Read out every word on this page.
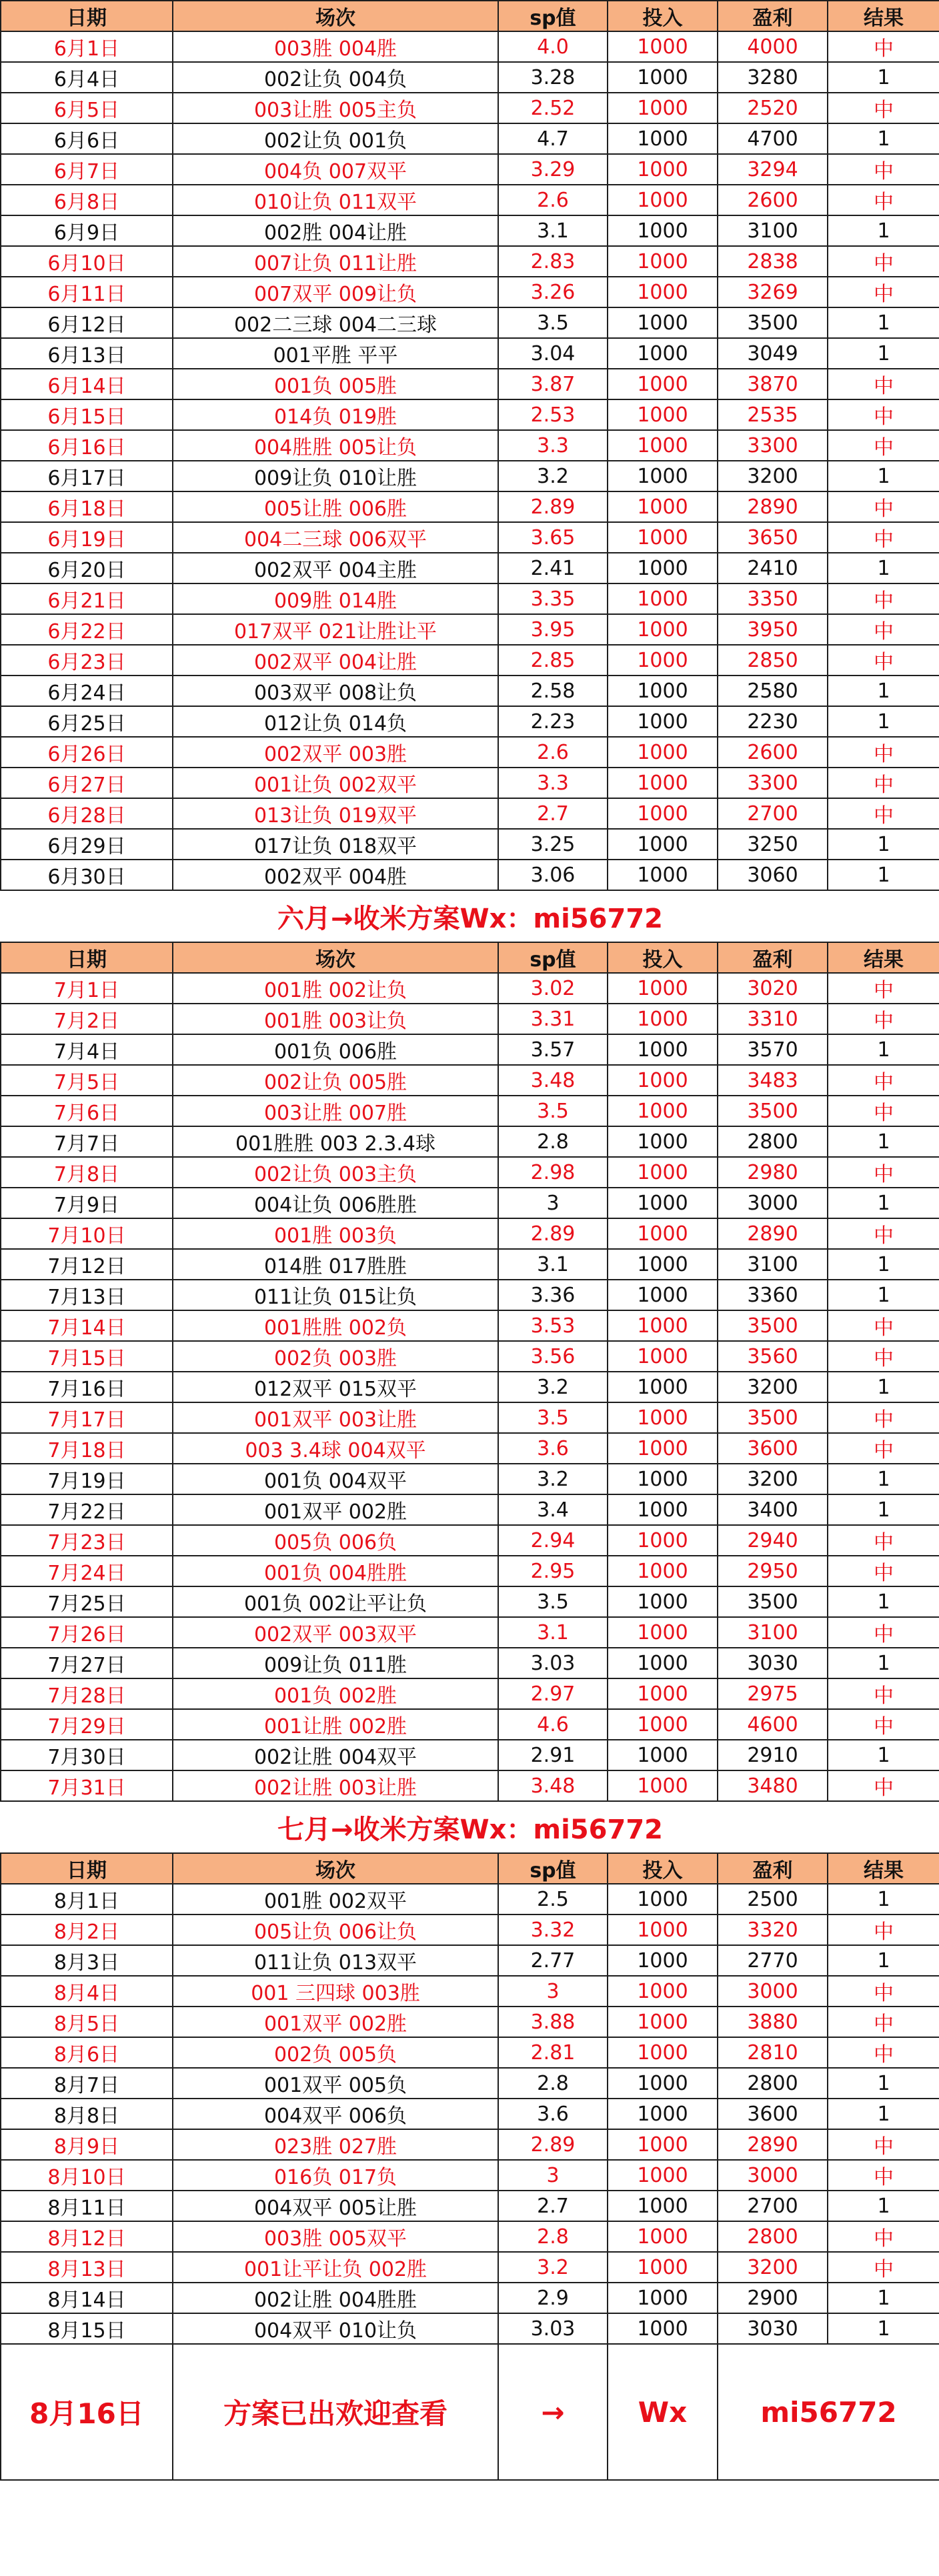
日期	场次	sp值	投入	盈利	结果
6月1日	003胜 004胜	4.0	1000	4000	中
6月4日	002让负 004负	3.28	1000	3280	1
6月5日	003让胜 005主负	2.52	1000	2520	中
6月6日	002让负 001负	4.7	1000	4700	1
6月7日	004负 007双平	3.29	1000	3294	中
6月8日	010让负 011双平	2.6	1000	2600	中
6月9日	002胜 004让胜	3.1	1000	3100	1
6月10日	007让负 011让胜	2.83	1000	2838	中
6月11日	007双平 009让负	3.26	1000	3269	中
6月12日	002二三球 004二三球	3.5	1000	3500	1
6月13日	001平胜 平平	3.04	1000	3049	1
6月14日	001负 005胜	3.87	1000	3870	中
6月15日	014负 019胜	2.53	1000	2535	中
6月16日	004胜胜 005让负	3.3	1000	3300	中
6月17日	009让负 010让胜	3.2	1000	3200	1
6月18日	005让胜 006胜	2.89	1000	2890	中
6月19日	004二三球 006双平	3.65	1000	3650	中
6月20日	002双平 004主胜	2.41	1000	2410	1
6月21日	009胜 014胜	3.35	1000	3350	中
6月22日	017双平 021让胜让平	3.95	1000	3950	中
6月23日	002双平 004让胜	2.85	1000	2850	中
6月24日	003双平 008让负	2.58	1000	2580	1
6月25日	012让负 014负	2.23	1000	2230	1
6月26日	002双平 003胜	2.6	1000	2600	中
6月27日	001让负 002双平	3.3	1000	3300	中
6月28日	013让负 019双平	2.7	1000	2700	中
6月29日	017让负 018双平	3.25	1000	3250	1
6月30日	002双平 004胜	3.06	1000	3060	1
六月→收米方案Wx：mi56772					
日期	场次	sp值	投入	盈利	结果
7月1日	001胜 002让负	3.02	1000	3020	中
7月2日	001胜 003让负	3.31	1000	3310	中
7月4日	001负 006胜	3.57	1000	3570	1
7月5日	002让负 005胜	3.48	1000	3483	中
7月6日	003让胜 007胜	3.5	1000	3500	中
7月7日	001胜胜 003 2.3.4球	2.8	1000	2800	1
7月8日	002让负 003主负	2.98	1000	2980	中
7月9日	004让负 006胜胜	3	1000	3000	1
7月10日	001胜 003负	2.89	1000	2890	中
7月12日	014胜 017胜胜	3.1	1000	3100	1
7月13日	011让负 015让负	3.36	1000	3360	1
7月14日	001胜胜 002负	3.53	1000	3500	中
7月15日	002负 003胜	3.56	1000	3560	中
7月16日	012双平 015双平	3.2	1000	3200	1
7月17日	001双平 003让胜	3.5	1000	3500	中
7月18日	003 3.4球 004双平	3.6	1000	3600	中
7月19日	001负 004双平	3.2	1000	3200	1
7月22日	001双平 002胜	3.4	1000	3400	1
7月23日	005负 006负	2.94	1000	2940	中
7月24日	001负 004胜胜	2.95	1000	2950	中
7月25日	001负 002让平让负	3.5	1000	3500	1
7月26日	002双平 003双平	3.1	1000	3100	中
7月27日	009让负 011胜	3.03	1000	3030	1
7月28日	001负 002胜	2.97	1000	2975	中
7月29日	001让胜 002胜	4.6	1000	4600	中
7月30日	002让胜 004双平	2.91	1000	2910	1
7月31日	002让胜 003让胜	3.48	1000	3480	中
七月→收米方案Wx：mi56772					
日期	场次	sp值	投入	盈利	结果
8月1日	001胜 002双平	2.5	1000	2500	1
8月2日	005让负 006让负	3.32	1000	3320	中
8月3日	011让负 013双平	2.77	1000	2770	1
8月4日	001 三四球 003胜	3	1000	3000	中
8月5日	001双平 002胜	3.88	1000	3880	中
8月6日	002负 005负	2.81	1000	2810	中
8月7日	001双平 005负	2.8	1000	2800	1
8月8日	004双平 006负	3.6	1000	3600	1
8月9日	023胜 027胜	2.89	1000	2890	中
8月10日	016负 017负	3	1000	3000	中
8月11日	004双平 005让胜	2.7	1000	2700	1
8月12日	003胜 005双平	2.8	1000	2800	中
8月13日	001让平让负 002胜	3.2	1000	3200	中
8月14日	002让胜 004胜胜	2.9	1000	2900	1
8月15日	004双平 010让负	3.03	1000	3030	1
8月16日	方案已出欢迎查看	→	Wx	mi56772	
